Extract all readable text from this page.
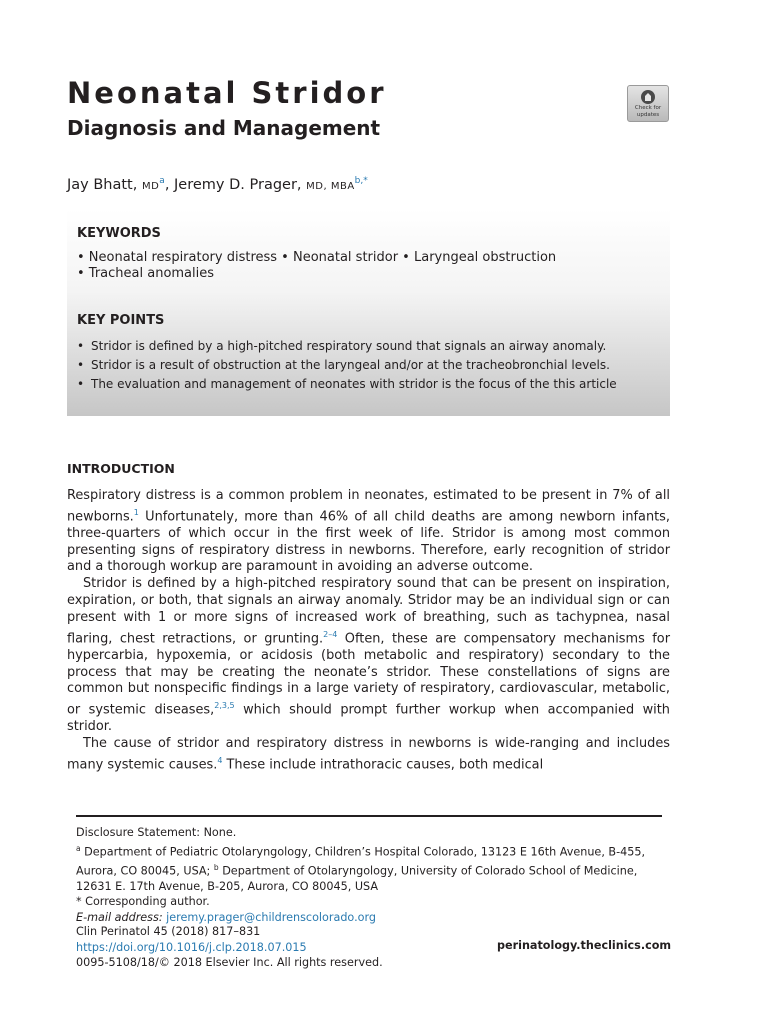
Neonatal Stridor
Diagnosis and Management
Check for
updates

Jay Bhatt, $MD^a$, Jeremy D. Prager, MD, $MBA^{b,*}$

KEYWORDS

• Neonatal respiratory distress • Neonatal stridor • Laryngeal obstruction

• Tracheal anomalies

KEY POINTS
• Stridor is defined by a high-pitched respiratory sound that signals an airway anomaly.
• Stridor is a result of obstruction at the laryngeal and/or at the tracheobronchial levels.
• The evaluation and management of neonates with stridor is the focus of the this article
INTRODUCTION

Respiratory distress is a common problem in neonates, estimated to be present in 7% of all newborns.$^1$ Unfortunately, more than 46% of all child deaths are among newborn infants, three-quarters of which occur in the first week of life. Stridor is among most common presenting signs of respiratory distress in newborns. Therefore, early recognition of stridor and a thorough workup are paramount in avoiding an adverse outcome.

Stridor is defined by a high-pitched respiratory sound that can be present on inspiration, expiration, or both, that signals an airway anomaly. Stridor may be an individual sign or can present with 1 or more signs of increased work of breathing, such as tachypnea, nasal flaring, chest retractions, or grunting.$^{2-4}$ Often, these are compensatory mechanisms for hypercarbia, hypoxemia, or acidosis (both metabolic and respiratory) secondary to the process that may be creating the neonate’s stridor. These constellations of signs are common but nonspecific findings in a large variety of respiratory, cardiovascular, metabolic, or systemic diseases,$^{2,3,5}$ which should prompt further workup when accompanied with stridor.

The cause of stridor and respiratory distress in newborns is wide-ranging and includes many systemic causes.$^4$ These include intrathoracic causes, both medical

Disclosure Statement: None.

$^a$ Department of Pediatric Otolaryngology, Children’s Hospital Colorado, 13123 E 16th Avenue, B-455, Aurora, CO 80045, USA; $^b$ Department of Otolaryngology, University of Colorado School of Medicine, 12631 E. 17th Avenue, B-205, Aurora, CO 80045, USA

* Corresponding author.

E-mail address: jeremy.prager@childrenscolorado.org

Clin Perinatol 45 (2018) 817–831

https://doi.org/10.1016/j.clp.2018.07.015

0095-5108/18/© 2018 Elsevier Inc. All rights reserved.

perinatology.theclinics.com
